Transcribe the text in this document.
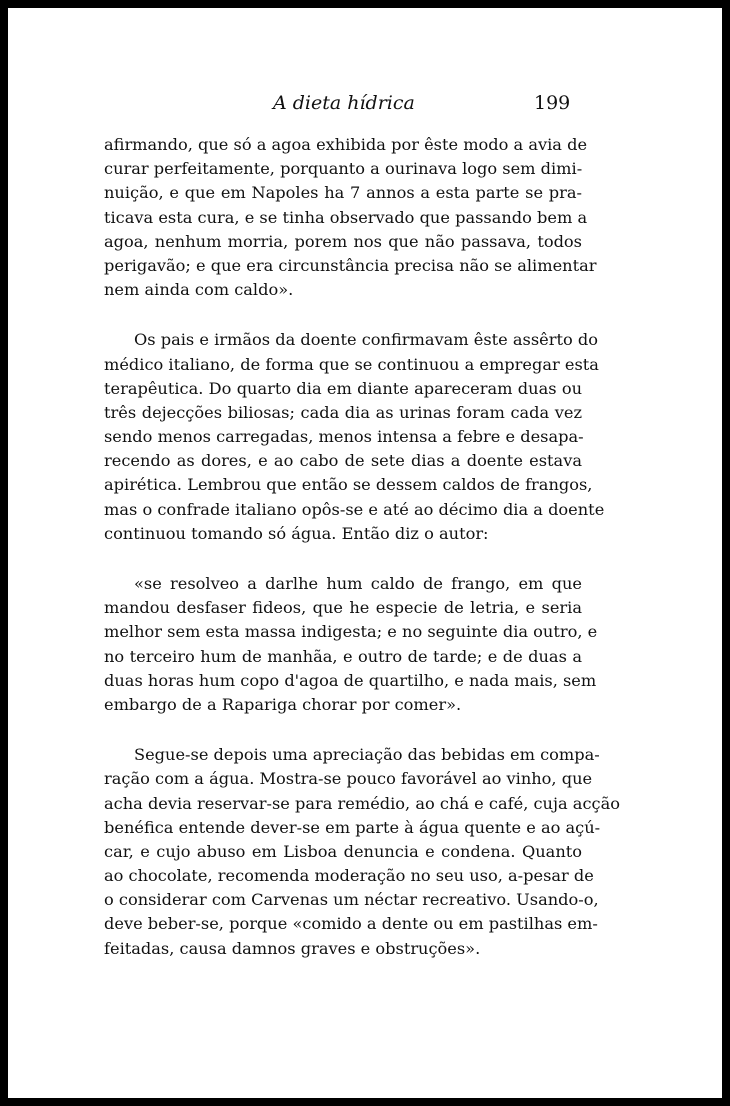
A dieta hídrica	199
afirmando, que só a agoa exhibida por êste modo a avia de
curar perfeitamente, porquanto a ourinava logo sem dimi-
nuição, e que em Napoles ha 7 annos a esta parte se pra-
ticava esta cura, e se tinha observado que passando bem a
agoa, nenhum morria, porem nos que não passava, todos
perigavão; e que era circunstância precisa não se alimentar
nem ainda com caldo».
Os pais e irmãos da doente confirmavam êste assêrto do
médico italiano, de forma que se continuou a empregar esta
terapêutica. Do quarto dia em diante apareceram duas ou
três dejecções biliosas; cada dia as urinas foram cada vez
sendo menos carregadas, menos intensa a febre e desapa-
recendo as dores, e ao cabo de sete dias a doente estava
apirética. Lembrou que então se dessem caldos de frangos,
mas o confrade italiano opôs-se e até ao décimo dia a doente
continuou tomando só água. Então diz o autor:
«se resolveo a darlhe hum caldo de frango, em que
mandou desfaser fideos, que he especie de letria, e seria
melhor sem esta massa indigesta; e no seguinte dia outro, e
no terceiro hum de manhãa, e outro de tarde; e de duas a
duas horas hum copo d'agoa de quartilho, e nada mais, sem
embargo de a Rapariga chorar por comer».
Segue-se depois uma apreciação das bebidas em compa-
ração com a água. Mostra-se pouco favorável ao vinho, que
acha devia reservar-se para remédio, ao chá e café, cuja acção
benéfica entende dever-se em parte à água quente e ao açú-
car, e cujo abuso em Lisboa denuncia e condena. Quanto
ao chocolate, recomenda moderação no seu uso, a-pesar de
o considerar com Carvenas um néctar recreativo. Usando-o,
deve beber-se, porque «comido a dente ou em pastilhas em-
feitadas, causa damnos graves e obstruções».
